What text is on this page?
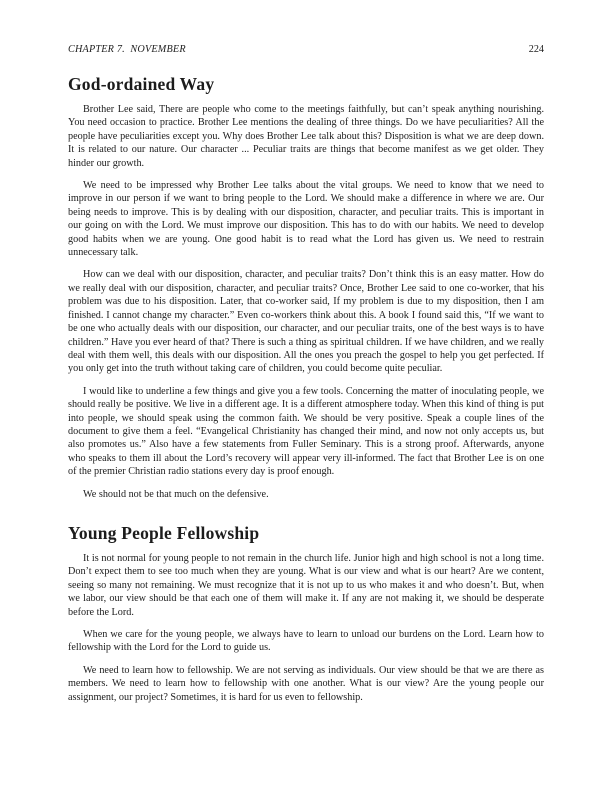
CHAPTER 7.  NOVEMBER	224
God-ordained Way

Brother Lee said, There are people who come to the meetings faithfully, but can’t speak anything nourishing. You need occasion to practice. Brother Lee mentions the dealing of three things. Do we have peculiarities? All the people have peculiarities except you. Why does Brother Lee talk about this? Disposition is what we are deep down. It is related to our nature. Our character ... Peculiar traits are things that become manifest as we get older. They hinder our growth.

We need to be impressed why Brother Lee talks about the vital groups. We need to know that we need to improve in our person if we want to bring people to the Lord. We should make a difference in where we are. Our being needs to improve. This is by dealing with our disposition, character, and peculiar traits. This is important in our going on with the Lord. We must improve our disposition. This has to do with our habits. We need to develop good habits when we are young. One good habit is to read what the Lord has given us. We need to restrain unnecessary talk.

How can we deal with our disposition, character, and peculiar traits? Don’t think this is an easy matter. How do we really deal with our disposition, character, and peculiar traits? Once, Brother Lee said to one co-worker, that his problem was due to his disposition. Later, that co-worker said, If my problem is due to my disposition, then I am finished. I cannot change my character.” Even co-workers think about this. A book I found said this, “If we want to be one who actually deals with our disposition, our character, and our peculiar traits, one of the best ways is to have children.” Have you ever heard of that? There is such a thing as spiritual children. If we have children, and we really deal with them well, this deals with our disposition. All the ones you preach the gospel to help you get perfected. If you only get into the truth without taking care of children, you could become quite peculiar.

I would like to underline a few things and give you a few tools. Concerning the matter of inoculating people, we should really be positive. We live in a different age. It is a different atmosphere today. When this kind of thing is put into people, we should speak using the common faith. We should be very positive. Speak a couple lines of the document to give them a feel. “Evangelical Christianity has changed their mind, and now not only accepts us, but also promotes us.” Also have a few statements from Fuller Seminary. This is a strong proof. Afterwards, anyone who speaks to them ill about the Lord’s recovery will appear very ill-informed. The fact that Brother Lee is on one of the premier Christian radio stations every day is proof enough.

We should not be that much on the defensive.

Young People Fellowship

It is not normal for young people to not remain in the church life. Junior high and high school is not a long time. Don’t expect them to see too much when they are young. What is our view and what is our heart? Are we content, seeing so many not remaining. We must recognize that it is not up to us who makes it and who doesn’t. But, when we labor, our view should be that each one of them will make it. If any are not making it, we should be desperate before the Lord.

When we care for the young people, we always have to learn to unload our burdens on the Lord. Learn how to fellowship with the Lord for the Lord to guide us.

We need to learn how to fellowship. We are not serving as individuals. Our view should be that we are there as members. We need to learn how to fellowship with one another. What is our view? Are the young people our assignment, our project? Sometimes, it is hard for us even to fellowship.
